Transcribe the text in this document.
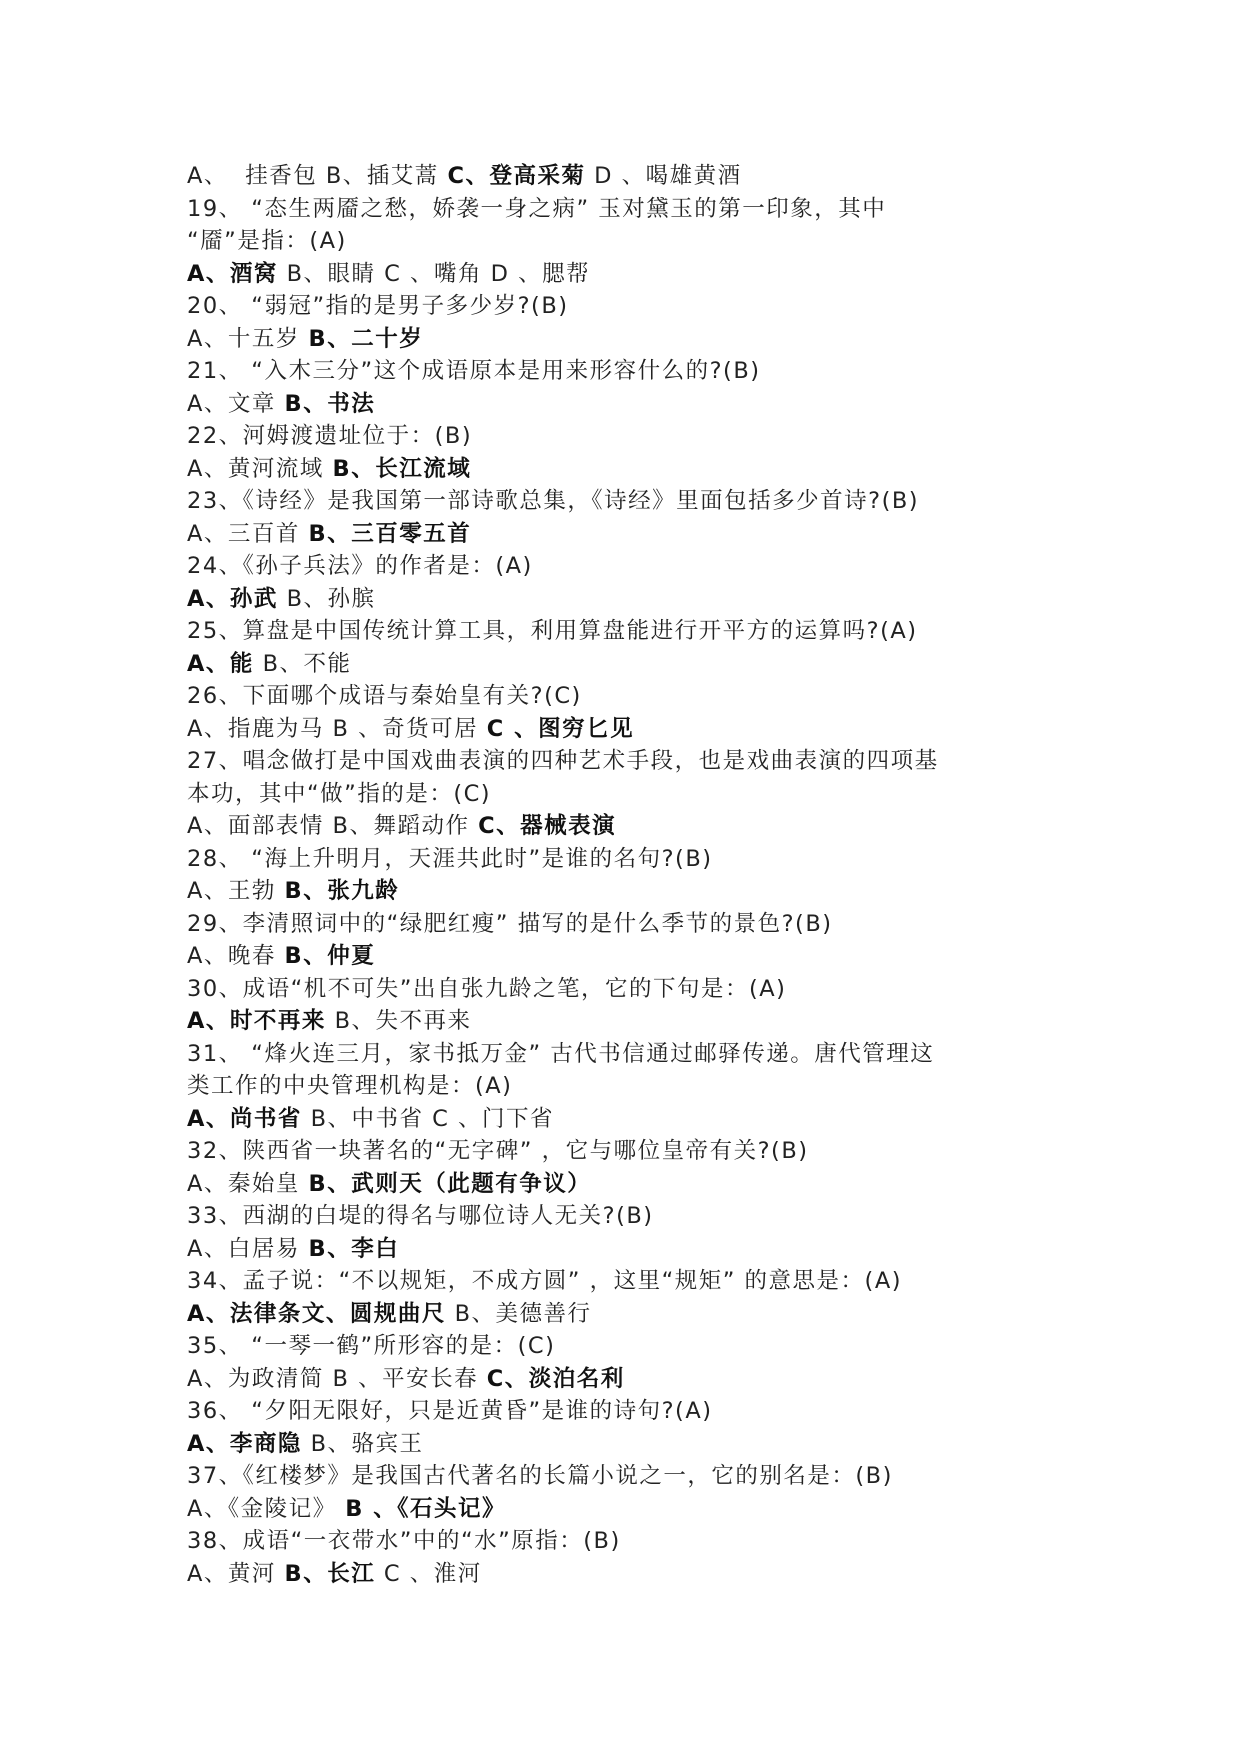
A、  挂香包 B、插艾蒿 C、登高采菊 D 、喝雄黄酒
19、 “态生两靥之愁，娇袭一身之病” 玉对黛玉的第一印象，其中
“靥”是指：(A)
A、酒窝 B、眼睛 C 、嘴角 D 、腮帮
20、 “弱冠”指的是男子多少岁?(B)
A、十五岁 B、二十岁
21、 “入木三分”这个成语原本是用来形容什么的?(B)
A、文章 B、书法
22、河姆渡遗址位于：(B)
A、黄河流域 B、长江流域
23、《诗经》是我国第一部诗歌总集，《诗经》里面包括多少首诗?(B)
A、三百首 B、三百零五首
24、《孙子兵法》的作者是：(A)
A、孙武 B、孙膑
25、算盘是中国传统计算工具，利用算盘能进行开平方的运算吗?(A)
A、能 B、不能
26、下面哪个成语与秦始皇有关?(C)
A、指鹿为马 B 、奇货可居 C 、图穷匕见
27、唱念做打是中国戏曲表演的四种艺术手段，也是戏曲表演的四项基
本功，其中“做”指的是：(C)
A、面部表情 B、舞蹈动作 C、器械表演
28、 “海上升明月，天涯共此时”是谁的名句?(B)
A、王勃 B、张九龄
29、李清照词中的“绿肥红瘦” 描写的是什么季节的景色?(B)
A、晚春 B、仲夏
30、成语“机不可失”出自张九龄之笔，它的下句是：(A)
A、时不再来 B、失不再来
31、 “烽火连三月，家书抵万金” 古代书信通过邮驿传递。唐代管理这
类工作的中央管理机构是：(A)
A、尚书省 B、中书省 C 、门下省
32、陕西省一块著名的“无字碑” ，它与哪位皇帝有关?(B)
A、秦始皇 B、武则天（此题有争议）
33、西湖的白堤的得名与哪位诗人无关?(B)
A、白居易 B、李白
34、孟子说：“不以规矩，不成方圆” ，这里“规矩” 的意思是：(A)
A、法律条文、圆规曲尺 B、美德善行
35、 “一琴一鹤”所形容的是：(C)
A、为政清简 B 、平安长春 C、淡泊名利
36、 “夕阳无限好，只是近黄昏”是谁的诗句?(A)
A、李商隐 B、骆宾王
37、《红楼梦》是我国古代著名的长篇小说之一，它的别名是：(B)
A、《金陵记》 B 、《石头记》
38、成语“一衣带水”中的“水”原指：(B)
A、黄河 B、长江 C 、淮河
